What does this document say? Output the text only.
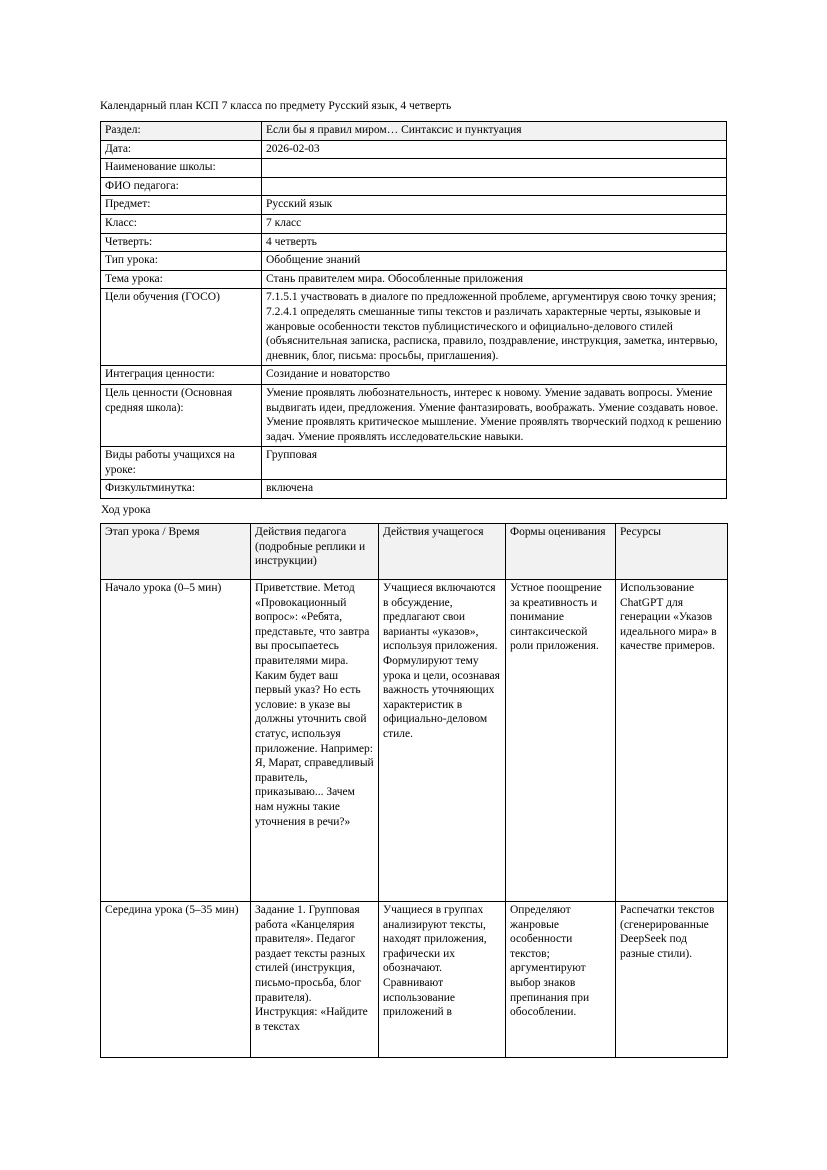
Календарный план КСП 7 класса по предмету Русский язык, 4 четверть

Раздел:	Если бы я правил миром… Синтаксис и пунктуация
Дата:	2026-02-03
Наименование школы:	
ФИО педагога:	
Предмет:	Русский язык
Класс:	7 класс
Четверть:	4 четверть
Тип урока:	Обобщение знаний
Тема урока:	Стань правителем мира. Обособленные приложения
Цели обучения (ГОСО)	7.1.5.1 участвовать в диалоге по предложенной проблеме, аргументируя свою точку зрения; 7.2.4.1 определять смешанные типы текстов и различать характерные черты, языковые и жанровые особенности текстов публицистического и официально-делового стилей (объяснительная записка, расписка, правило, поздравление, инструкция, заметка, интервью, дневник, блог, письма: просьбы, приглашения).
Интеграция ценности:	Созидание и новаторство
Цель ценности (Основная средняя школа):	Умение проявлять любознательность, интерес к новому. Умение задавать вопросы. Умение выдвигать идеи, предложения. Умение фантазировать, воображать. Умение создавать новое. Умение проявлять критическое мышление. Умение проявлять творческий подход к решению задач. Умение проявлять исследовательские навыки.
Виды работы учащихся на уроке:	Групповая
Физкультминутка:	включена

Ход урока

Этап урока / Время	Действия педагога (подробные реплики и инструкции)	Действия учащегося	Формы оценивания	Ресурсы
Начало урока (0–5 мин)	Приветствие. Метод «Провокационный вопрос»: «Ребята, представьте, что завтра вы просыпаетесь правителями мира. Каким будет ваш первый указ? Но есть условие: в указе вы должны уточнить свой статус, используя приложение. Например: Я, Марат, справедливый правитель, приказываю... Зачем нам нужны такие уточнения в речи?»	Учащиеся включаются в обсуждение, предлагают свои варианты «указов», используя приложения. Формулируют тему урока и цели, осознавая важность уточняющих характеристик в официально-деловом стиле.	Устное поощрение за креативность и понимание синтаксической роли приложения.	Использование ChatGPT для генерации «Указов идеального мира» в качестве примеров.
Середина урока (5–35 мин)	Задание 1. Групповая работа «Канцелярия правителя». Педагог раздает тексты разных стилей (инструкция, письмо-просьба, блог правителя). Инструкция: «Найдите в текстах	Учащиеся в группах анализируют тексты, находят приложения, графически их обозначают. Сравнивают использование приложений в	Определяют жанровые особенности текстов; аргументируют выбор знаков препинания при обособлении.	Распечатки текстов (сгенерированные DeepSeek под разные стили).
